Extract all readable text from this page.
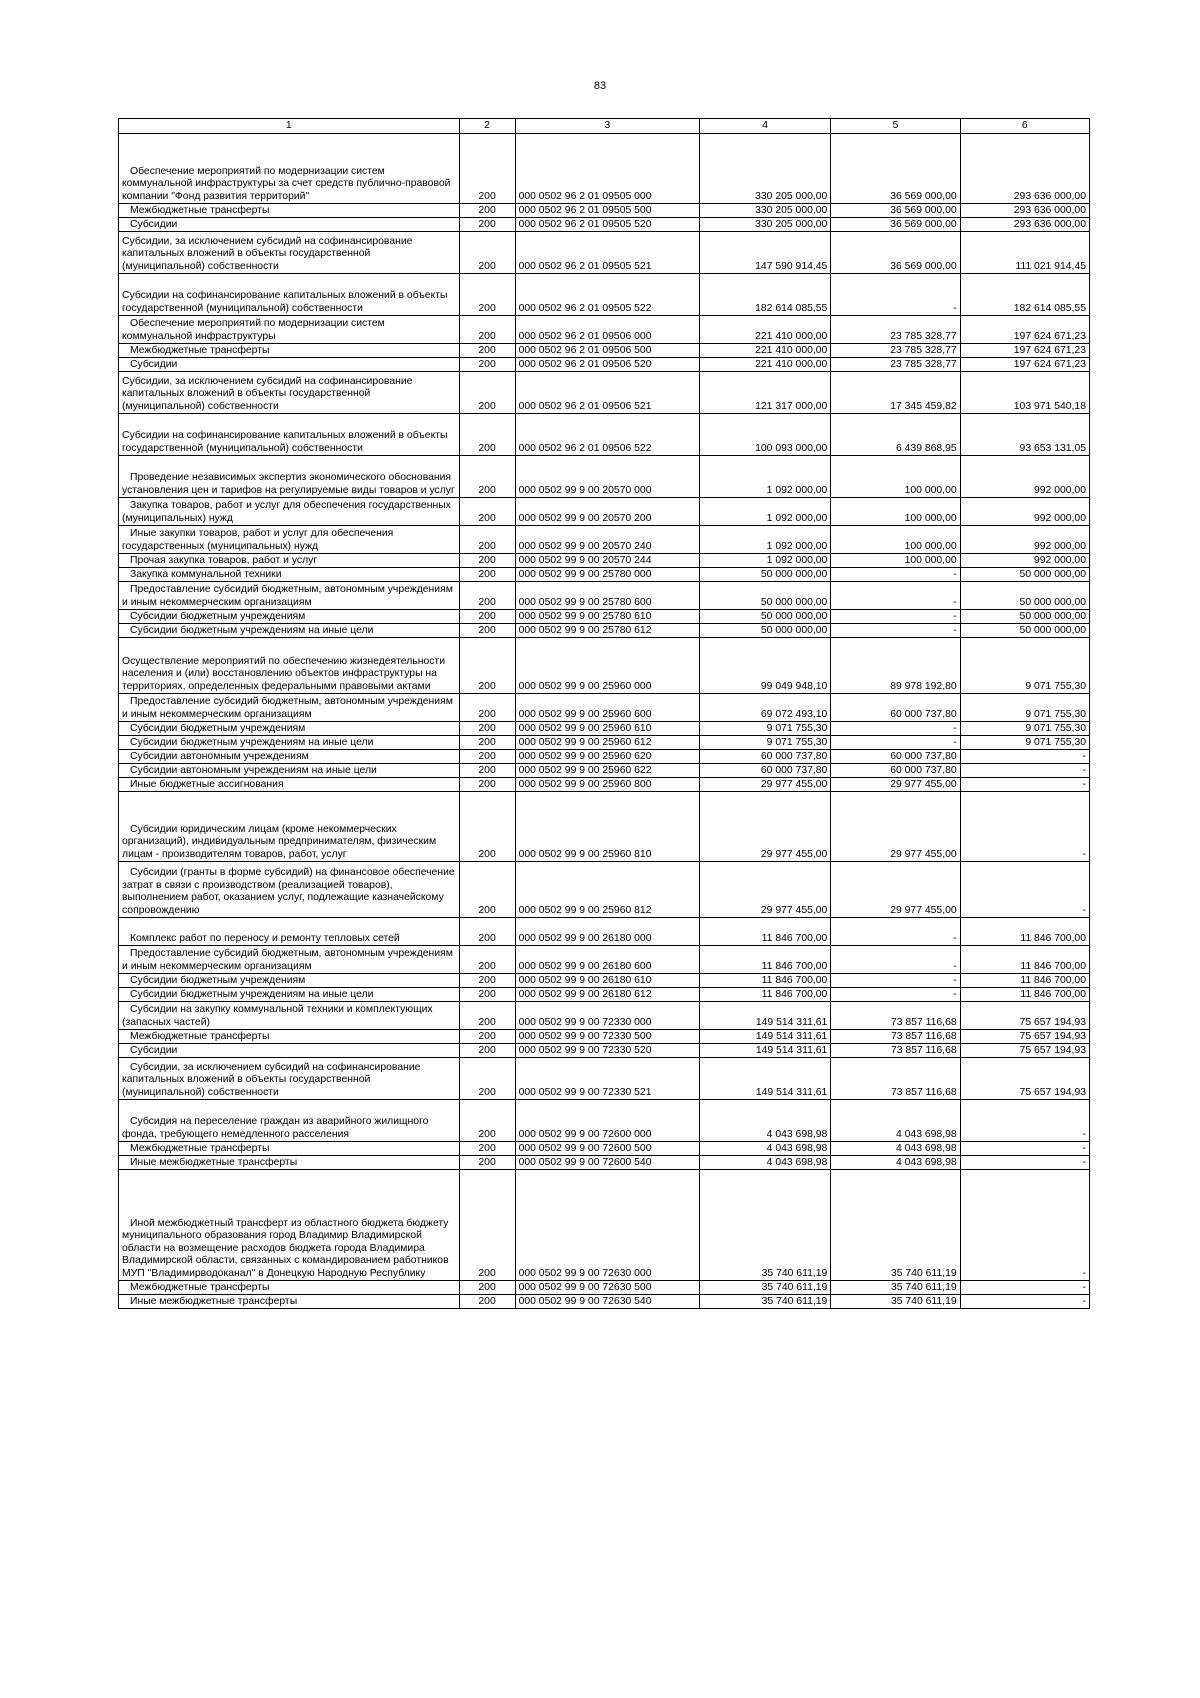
83
1	2	3	4	5	6
Обеспечение мероприятий по модернизации систем коммунальной инфраструктуры за счет средств публично-правовой компании "Фонд развития территорий"	200	000 0502 96 2 01 09505 000	330 205 000,00	36 569 000,00	293 636 000,00
Межбюджетные трансферты	200	000 0502 96 2 01 09505 500	330 205 000,00	36 569 000,00	293 636 000,00
Субсидии	200	000 0502 96 2 01 09505 520	330 205 000,00	36 569 000,00	293 636 000,00
Субсидии, за исключением субсидий на софинансирование капитальных вложений в объекты государственной (муниципальной) собственности	200	000 0502 96 2 01 09505 521	147 590 914,45	36 569 000,00	111 021 914,45
Субсидии на софинансирование капитальных вложений в объекты государственной (муниципальной) собственности	200	000 0502 96 2 01 09505 522	182 614 085,55	-	182 614 085,55
Обеспечение мероприятий по модернизации систем коммунальной инфраструктуры	200	000 0502 96 2 01 09506 000	221 410 000,00	23 785 328,77	197 624 671,23
Межбюджетные трансферты	200	000 0502 96 2 01 09506 500	221 410 000,00	23 785 328,77	197 624 671,23
Субсидии	200	000 0502 96 2 01 09506 520	221 410 000,00	23 785 328,77	197 624 671,23
Субсидии, за исключением субсидий на софинансирование капитальных вложений в объекты государственной (муниципальной) собственности	200	000 0502 96 2 01 09506 521	121 317 000,00	17 345 459,82	103 971 540,18
Субсидии на софинансирование капитальных вложений в объекты государственной (муниципальной) собственности	200	000 0502 96 2 01 09506 522	100 093 000,00	6 439 868,95	93 653 131,05
Проведение независимых экспертиз экономического обоснования установления цен и тарифов на регулируемые виды товаров и услуг	200	000 0502 99 9 00 20570 000	1 092 000,00	100 000,00	992 000,00
Закупка товаров, работ и услуг для обеспечения государственных (муниципальных) нужд	200	000 0502 99 9 00 20570 200	1 092 000,00	100 000,00	992 000,00
Иные закупки товаров, работ и услуг для обеспечения государственных (муниципальных) нужд	200	000 0502 99 9 00 20570 240	1 092 000,00	100 000,00	992 000,00
Прочая закупка товаров, работ и услуг	200	000 0502 99 9 00 20570 244	1 092 000,00	100 000,00	992 000,00
Закупка коммунальной техники	200	000 0502 99 9 00 25780 000	50 000 000,00	-	50 000 000,00
Предоставление субсидий бюджетным, автономным учреждениям и иным некоммерческим организациям	200	000 0502 99 9 00 25780 600	50 000 000,00	-	50 000 000,00
Субсидии бюджетным учреждениям	200	000 0502 99 9 00 25780 610	50 000 000,00	-	50 000 000,00
Субсидии бюджетным учреждениям на иные цели	200	000 0502 99 9 00 25780 612	50 000 000,00	-	50 000 000,00
Осуществление мероприятий по обеспечению жизнедеятельности населения и (или) восстановлению объектов инфраструктуры на территориях, определенных федеральными правовыми актами	200	000 0502 99 9 00 25960 000	99 049 948,10	89 978 192,80	9 071 755,30
Предоставление субсидий бюджетным, автономным учреждениям и иным некоммерческим организациям	200	000 0502 99 9 00 25960 600	69 072 493,10	60 000 737,80	9 071 755,30
Субсидии бюджетным учреждениям	200	000 0502 99 9 00 25960 610	9 071 755,30	-	9 071 755,30
Субсидии бюджетным учреждениям на иные цели	200	000 0502 99 9 00 25960 612	9 071 755,30	-	9 071 755,30
Субсидии автономным учреждениям	200	000 0502 99 9 00 25960 620	60 000 737,80	60 000 737,80	-
Субсидии автономным учреждениям на иные цели	200	000 0502 99 9 00 25960 622	60 000 737,80	60 000 737,80	-
Иные бюджетные ассигнования	200	000 0502 99 9 00 25960 800	29 977 455,00	29 977 455,00	-
Субсидии юридическим лицам (кроме некоммерческих организаций), индивидуальным предпринимателям, физическим лицам - производителям товаров, работ, услуг	200	000 0502 99 9 00 25960 810	29 977 455,00	29 977 455,00	-
Субсидии (гранты в форме субсидий) на финансовое обеспечение затрат в связи с производством (реализацией товаров), выполнением работ, оказанием услуг, подлежащие казначейскому сопровождению	200	000 0502 99 9 00 25960 812	29 977 455,00	29 977 455,00	-
Комплекс работ по переносу и ремонту тепловых сетей	200	000 0502 99 9 00 26180 000	11 846 700,00	-	11 846 700,00
Предоставление субсидий бюджетным, автономным учреждениям и иным некоммерческим организациям	200	000 0502 99 9 00 26180 600	11 846 700,00	-	11 846 700,00
Субсидии бюджетным учреждениям	200	000 0502 99 9 00 26180 610	11 846 700,00	-	11 846 700,00
Субсидии бюджетным учреждениям на иные цели	200	000 0502 99 9 00 26180 612	11 846 700,00	-	11 846 700,00
Субсидии на закупку коммунальной техники и комплектующих (запасных частей)	200	000 0502 99 9 00 72330 000	149 514 311,61	73 857 116,68	75 657 194,93
Межбюджетные трансферты	200	000 0502 99 9 00 72330 500	149 514 311,61	73 857 116,68	75 657 194,93
Субсидии	200	000 0502 99 9 00 72330 520	149 514 311,61	73 857 116,68	75 657 194,93
Субсидии, за исключением субсидий на софинансирование капитальных вложений в объекты государственной (муниципальной) собственности	200	000 0502 99 9 00 72330 521	149 514 311,61	73 857 116,68	75 657 194,93
Субсидия на переселение граждан из аварийного жилищного фонда, требующего немедленного расселения	200	000 0502 99 9 00 72600 000	4 043 698,98	4 043 698,98	-
Межбюджетные трансферты	200	000 0502 99 9 00 72600 500	4 043 698,98	4 043 698,98	-
Иные межбюджетные трансферты	200	000 0502 99 9 00 72600 540	4 043 698,98	4 043 698,98	-
Иной межбюджетный трансферт из областного бюджета бюджету муниципального образования город Владимир Владимирской области на возмещение расходов бюджета города Владимира Владимирской области, связанных с командированием работников МУП "Владимирводоканал" в Донецкую Народную Республику	200	000 0502 99 9 00 72630 000	35 740 611,19	35 740 611,19	-
Межбюджетные трансферты	200	000 0502 99 9 00 72630 500	35 740 611,19	35 740 611,19	-
Иные межбюджетные трансферты	200	000 0502 99 9 00 72630 540	35 740 611,19	35 740 611,19	-
